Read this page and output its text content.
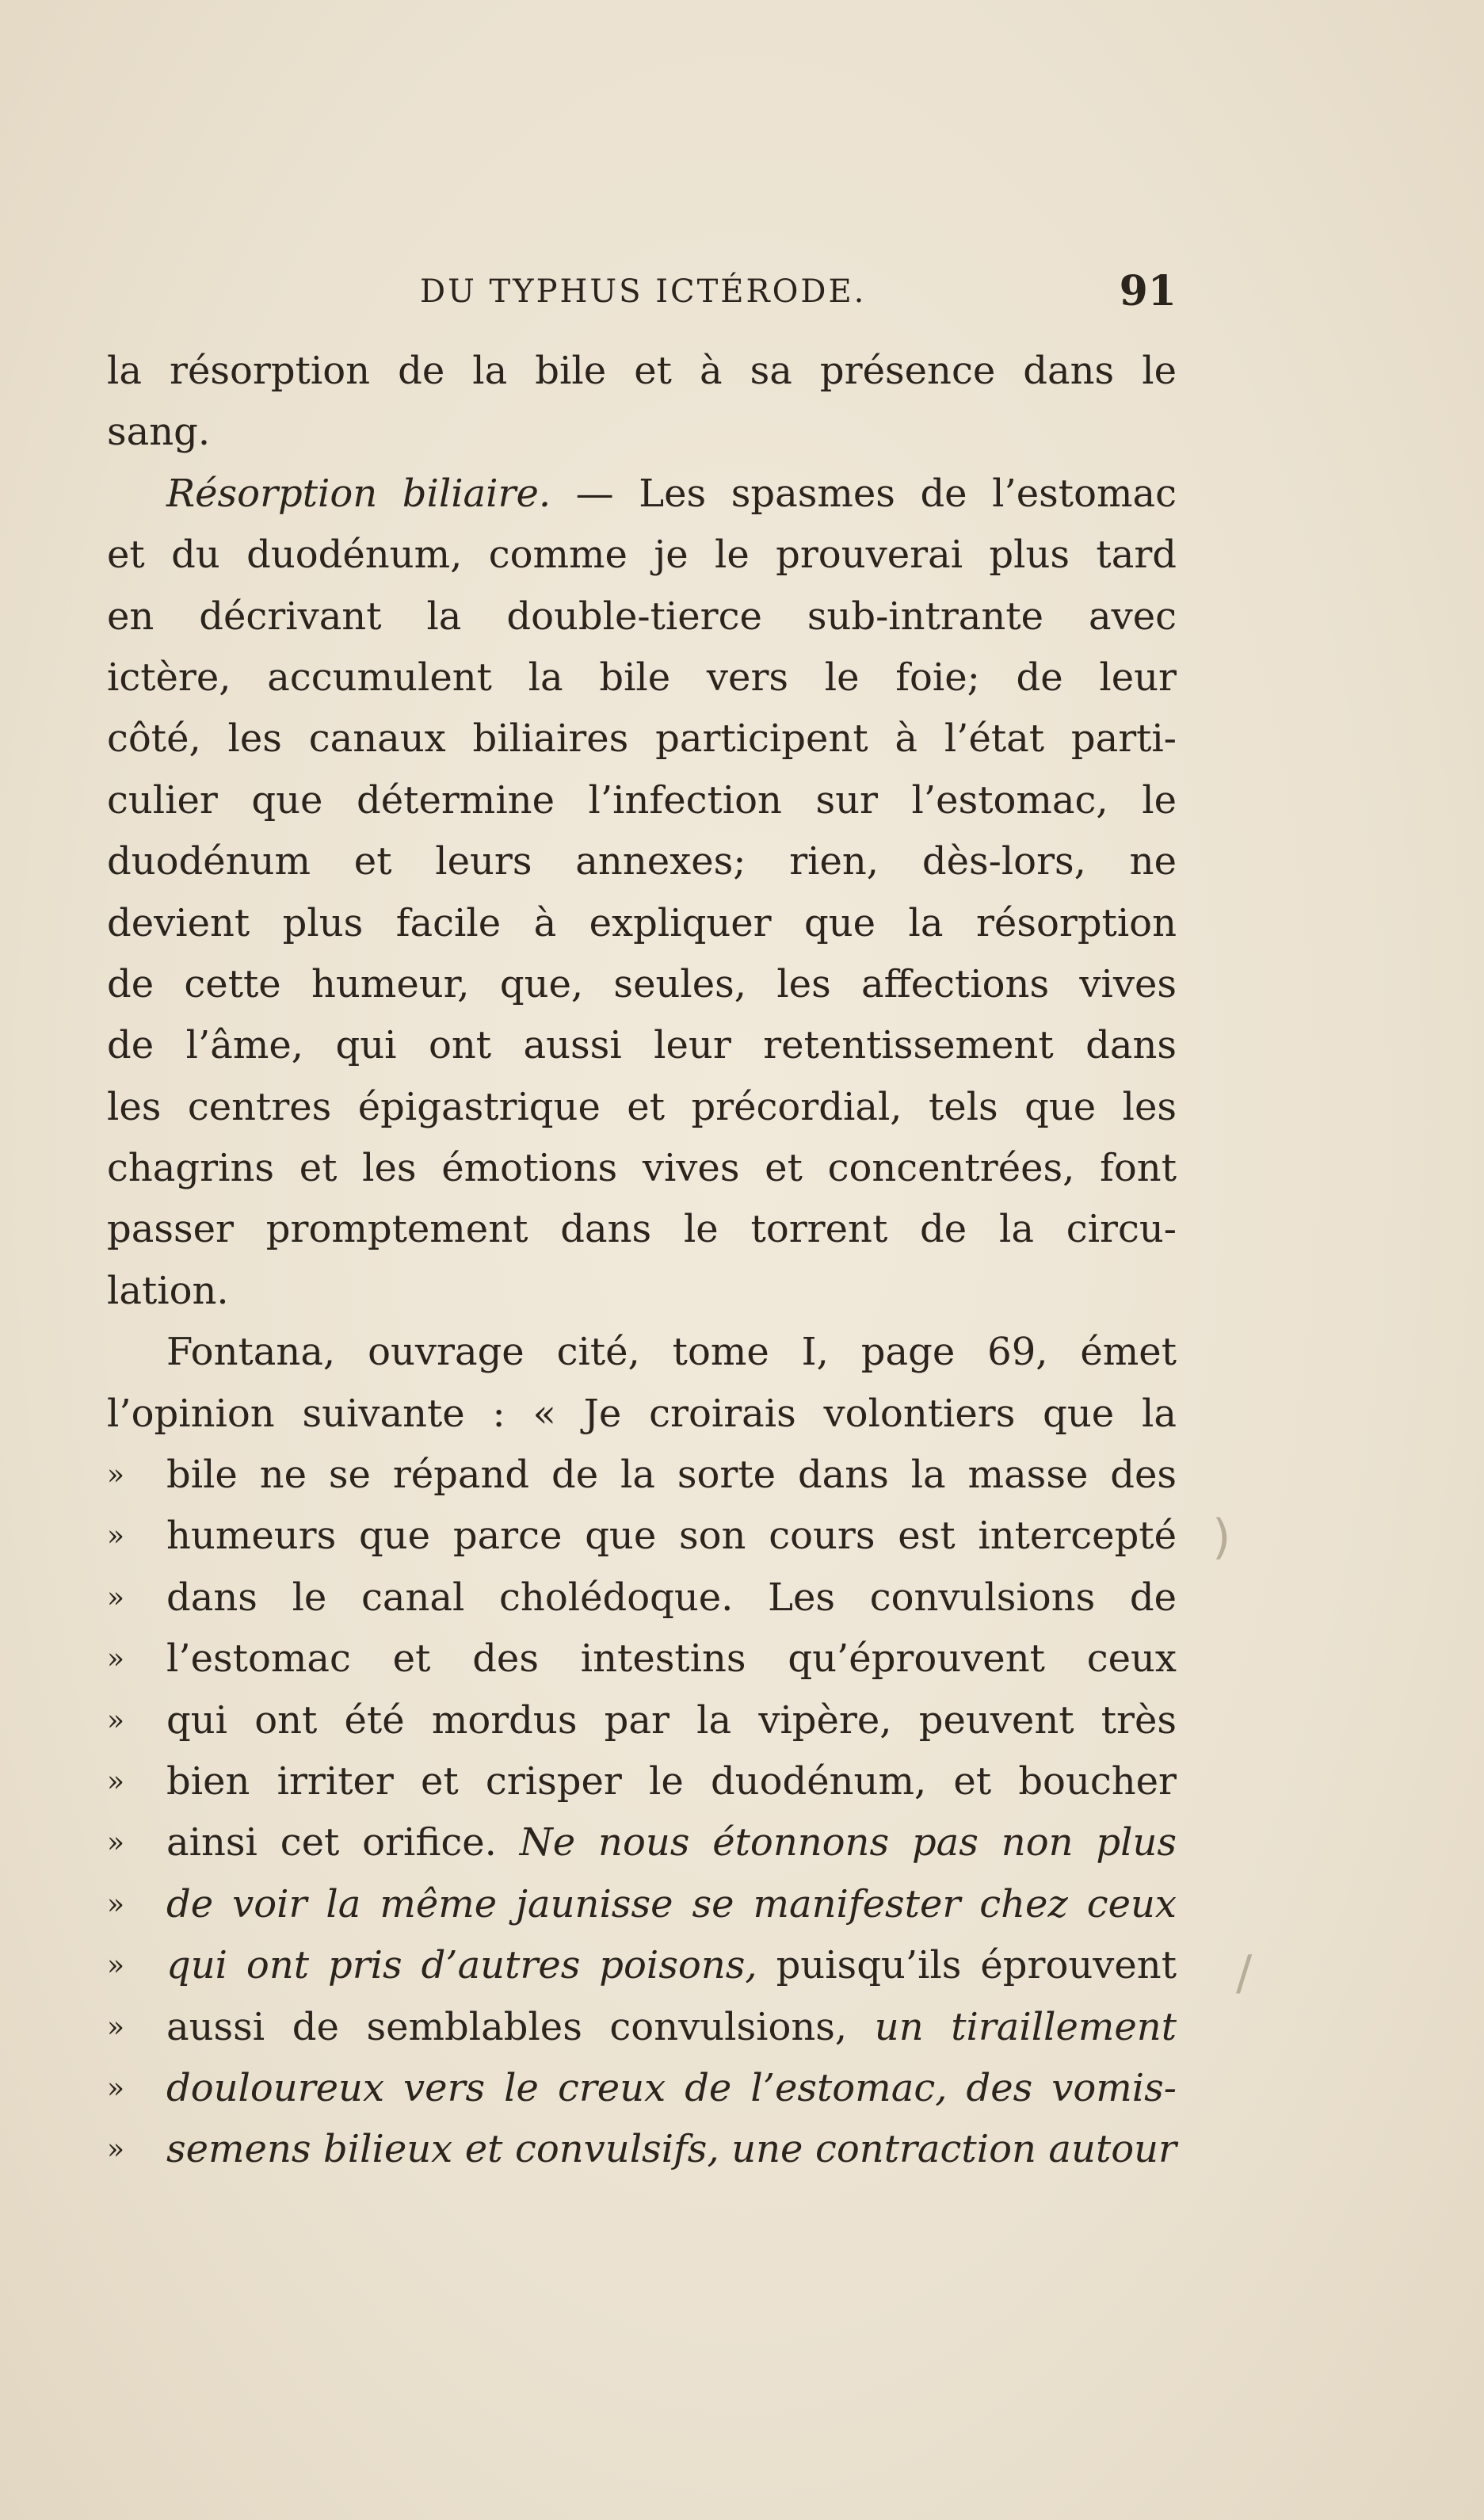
DU TYPHUS ICTÉRODE.	91
la résorption de la bile et à sa présence dans le
sang.
Résorption biliaire. — Les spasmes de l’estomac
et du duodénum, comme je le prouverai plus tard
en décrivant la double-tierce sub-intrante avec
ictère, accumulent la bile vers le foie; de leur
côté, les canaux biliaires participent à l’état parti-
culier que détermine l’infection sur l’estomac, le
duodénum et leurs annexes; rien, dès-lors, ne
devient plus facile à expliquer que la résorption
de cette humeur, que, seules, les affections vives
de l’âme, qui ont aussi leur retentissement dans
les centres épigastrique et précordial, tels que les
chagrins et les émotions vives et concentrées, font
passer promptement dans le torrent de la circu-
lation.
Fontana, ouvrage cité, tome I, page 69, émet
l’opinion suivante : « Je croirais volontiers que la
»	bile ne se répand de la sorte dans la masse des
»	humeurs que parce que son cours est intercepté
»	dans le canal cholédoque. Les convulsions de
»	l’estomac et des intestins qu’éprouvent ceux
»	qui ont été mordus par la vipère, peuvent très
»	bien irriter et crisper le duodénum, et boucher
»	ainsi cet orifice. Ne nous étonnons pas non plus
»	de voir la même jaunisse se manifester chez ceux
»	qui ont pris d’autres poisons, puisqu’ils éprouvent
»	aussi de semblables convulsions, un tiraillement
»	douloureux vers le creux de l’estomac, des vomis-
»	semens bilieux et convulsifs, une contraction autour
)
/
